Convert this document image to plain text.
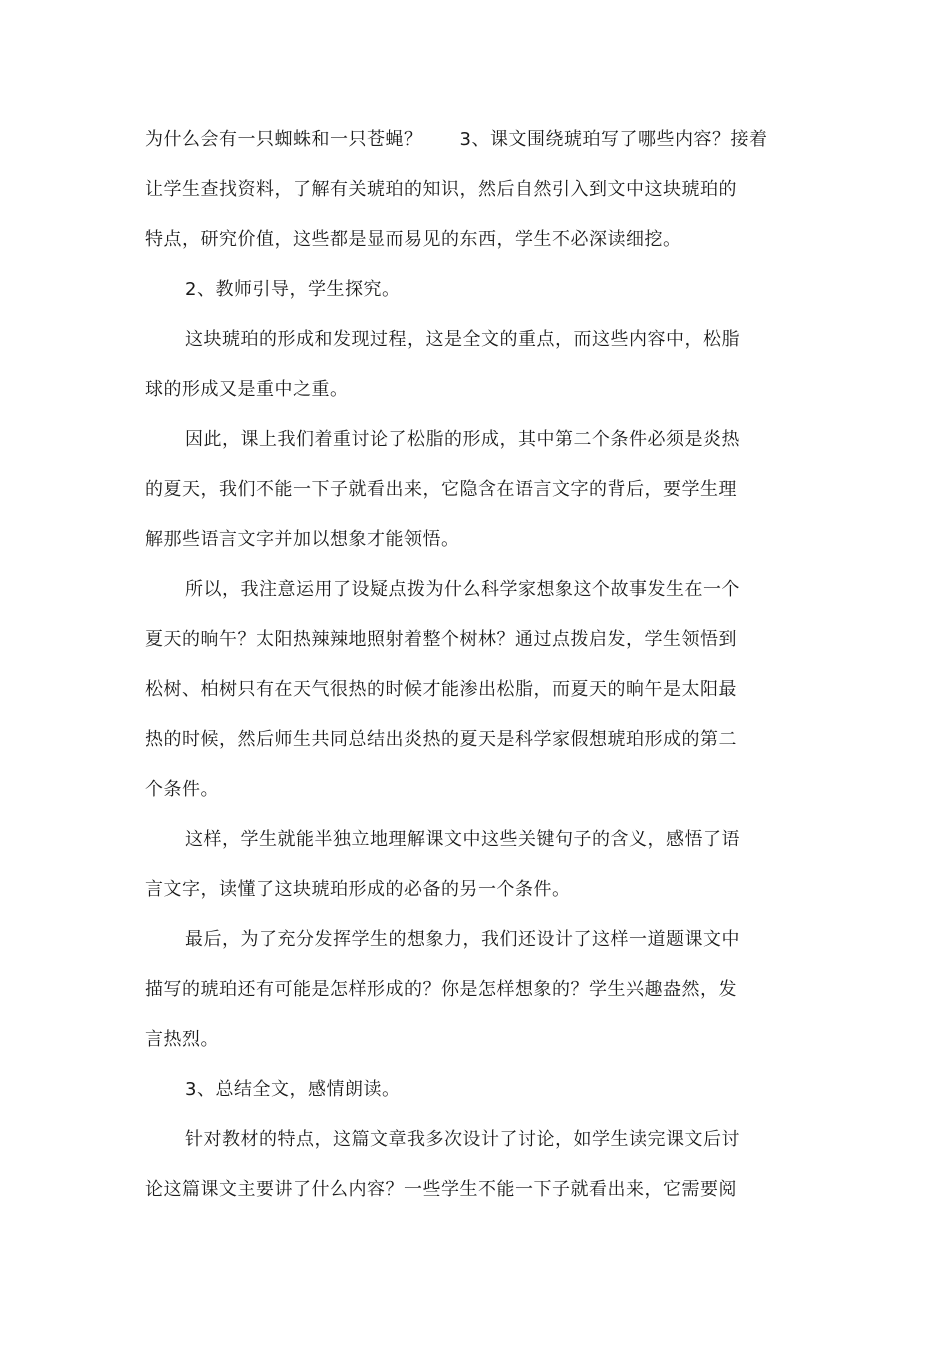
为什么会有一只蜘蛛和一只苍蝇？　　3、课文围绕琥珀写了哪些内容？接着
让学生查找资料，了解有关琥珀的知识，然后自然引入到文中这块琥珀的
特点，研究价值，这些都是显而易见的东西，学生不必深读细挖。
2、教师引导，学生探究。
这块琥珀的形成和发现过程，这是全文的重点，而这些内容中，松脂
球的形成又是重中之重。
因此，课上我们着重讨论了松脂的形成，其中第二个条件必须是炎热
的夏天，我们不能一下子就看出来，它隐含在语言文字的背后，要学生理
解那些语言文字并加以想象才能领悟。
所以，我注意运用了设疑点拨为什么科学家想象这个故事发生在一个
夏天的晌午？太阳热辣辣地照射着整个树林？通过点拨启发，学生领悟到
松树、柏树只有在天气很热的时候才能渗出松脂，而夏天的晌午是太阳最
热的时候，然后师生共同总结出炎热的夏天是科学家假想琥珀形成的第二
个条件。
这样，学生就能半独立地理解课文中这些关键句子的含义，感悟了语
言文字，读懂了这块琥珀形成的必备的另一个条件。
最后，为了充分发挥学生的想象力，我们还设计了这样一道题课文中
描写的琥珀还有可能是怎样形成的？你是怎样想象的？学生兴趣盎然，发
言热烈。
3、总结全文，感情朗读。
针对教材的特点，这篇文章我多次设计了讨论，如学生读完课文后讨
论这篇课文主要讲了什么内容？一些学生不能一下子就看出来，它需要阅
